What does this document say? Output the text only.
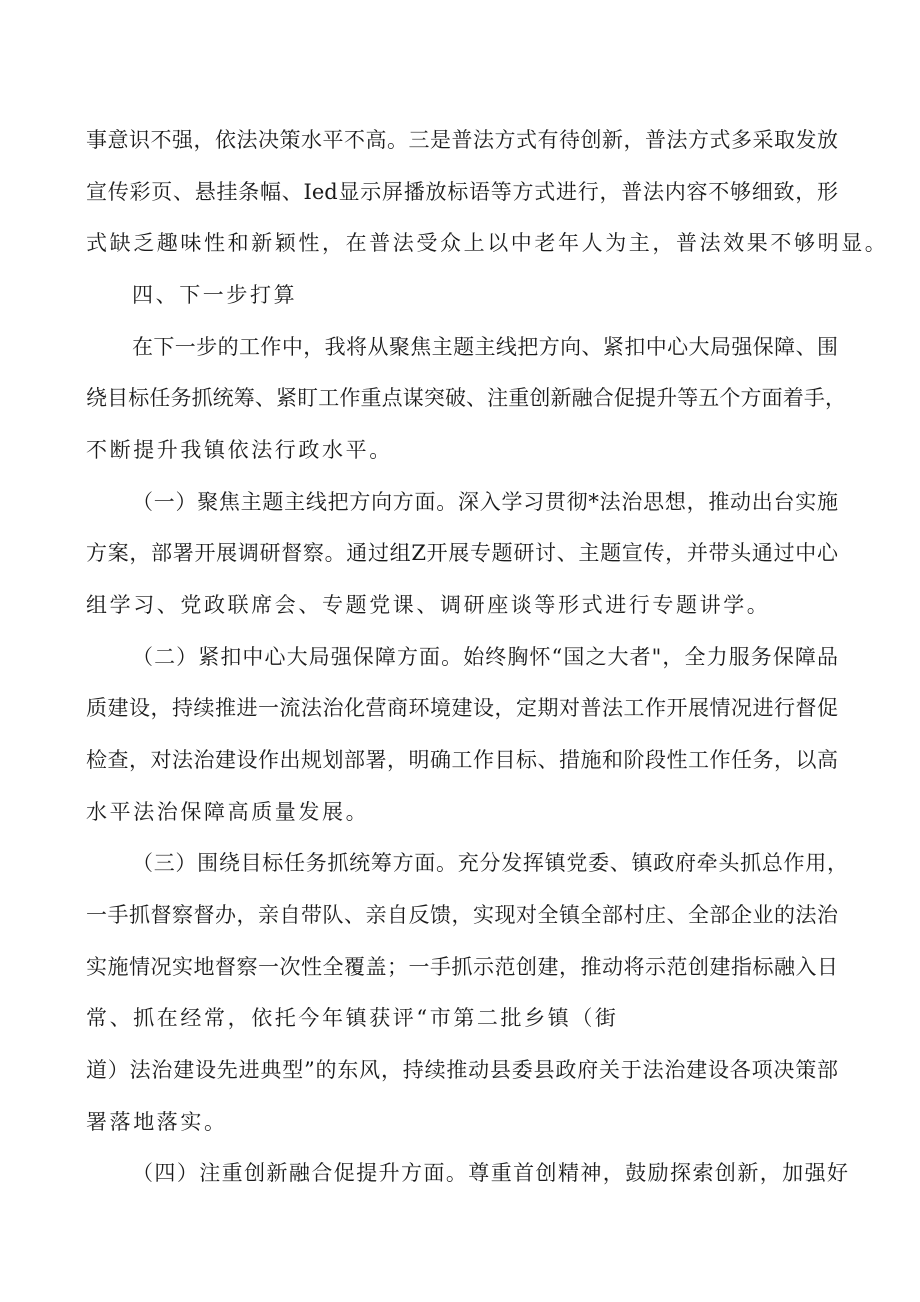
事意识不强，依法决策水平不高。三是普法方式有待创新，普法方式多采取发放
宣传彩页、悬挂条幅、Ied显示屏播放标语等方式进行，普法内容不够细致，形
式缺乏趣味性和新颖性，在普法受众上以中老年人为主，普法效果不够明显。
四、下一步打算
在下一步的工作中，我将从聚焦主题主线把方向、紧扣中心大局强保障、围
绕目标任务抓统筹、紧盯工作重点谋突破、注重创新融合促提升等五个方面着手，
不断提升我镇依法行政水平。
（一）聚焦主题主线把方向方面。深入学习贯彻*法治思想，推动出台实施
方案，部署开展调研督察。通过组Z开展专题研讨、主题宣传，并带头通过中心
组学习、党政联席会、专题党课、调研座谈等形式进行专题讲学。
（二）紧扣中心大局强保障方面。始终胸怀“国之大者"，全力服务保障品
质建设，持续推进一流法治化营商环境建设，定期对普法工作开展情况进行督促
检查，对法治建设作出规划部署，明确工作目标、措施和阶段性工作任务，以高
水平法治保障高质量发展。
（三）围绕目标任务抓统筹方面。充分发挥镇党委、镇政府牵头抓总作用，
一手抓督察督办，亲自带队、亲自反馈，实现对全镇全部村庄、全部企业的法治
实施情况实地督察一次性全覆盖；一手抓示范创建，推动将示范创建指标融入日
常、抓在经常，依托今年镇获评“市第二批乡镇（街
道）法治建设先进典型”的东风，持续推动县委县政府关于法治建设各项决策部
署落地落实。
（四）注重创新融合促提升方面。尊重首创精神，鼓励探索创新，加强好
